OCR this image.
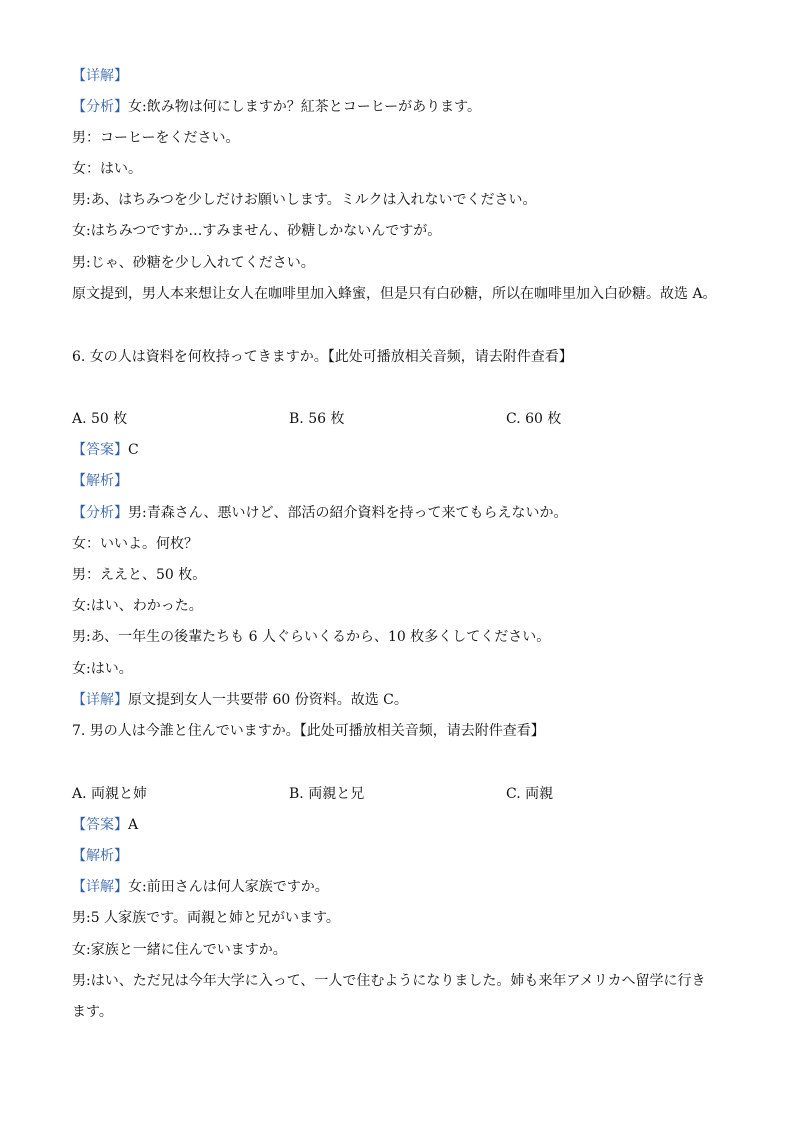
【详解】
【分析】女:飲み物は何にしますか？紅茶とコーヒーがあります。
男：コーヒーをください。
女：はい。
男:あ、はちみつを少しだけお願いします。ミルクは入れないでください。
女:はちみつですか…すみません、砂糖しかないんですが。
男:じゃ、砂糖を少し入れてください。
原文提到，男人本来想让女人在咖啡里加入蜂蜜，但是只有白砂糖，所以在咖啡里加入白砂糖。故选 A。
6. 女の人は資料を何枚持ってきますか。【此处可播放相关音频，请去附件查看】
A. 50 枚	B. 56 枚	C. 60 枚
【答案】C
【解析】
【分析】男:青森さん、悪いけど、部活の紹介資料を持って来てもらえないか。
女：いいよ。何枚？
男：ええと、50 枚。
女:はい、わかった。
男:あ、一年生の後輩たちも 6 人ぐらいくるから、10 枚多くしてください。
女:はい。
【详解】原文提到女人一共要带 60 份资料。故选 C。
7. 男の人は今誰と住んでいますか。【此处可播放相关音频，请去附件查看】
A. 両親と姉	B. 両親と兄	C. 両親
【答案】A
【解析】
【详解】女:前田さんは何人家族ですか。
男:5 人家族です。両親と姉と兄がいます。
女:家族と一緒に住んでいますか。
男:はい、ただ兄は今年大学に入って、一人で住むようになりました。姉も来年アメリカへ留学に行き
ます。
